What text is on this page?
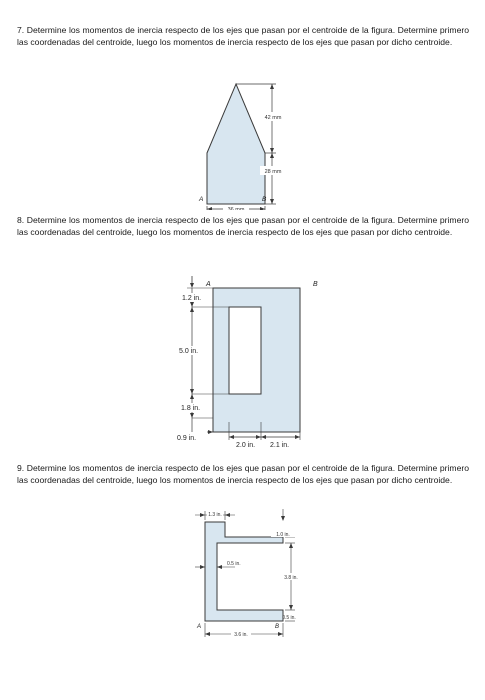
7. Determine los momentos de inercia respecto de los ejes que pasan por el centroide de la figura. Determine primero las coordenadas del centroide, luego los momentos de inercia respecto de los ejes que pasan por dicho centroide.

42 mm
28 mm
36 mm
A	B

8. Determine los momentos de inercia respecto de los ejes que pasan por el centroide de la figura. Determine primero las coordenadas del centroide, luego los momentos de inercia respecto de los ejes que pasan por dicho centroide.

A	B
1.2 in.
5.0 in.
1.8 in.
0.9 in.
2.0 in. 2.1 in.

9. Determine los momentos de inercia respecto de los ejes que pasan por el centroide de la figura. Determine primero las coordenadas del centroide, luego los momentos de inercia respecto de los ejes que pasan por dicho centroide.

1.3 in.
1.0 in.
3.8 in.
0.5 in.
0.5 in.
3.6 in.
A	B
